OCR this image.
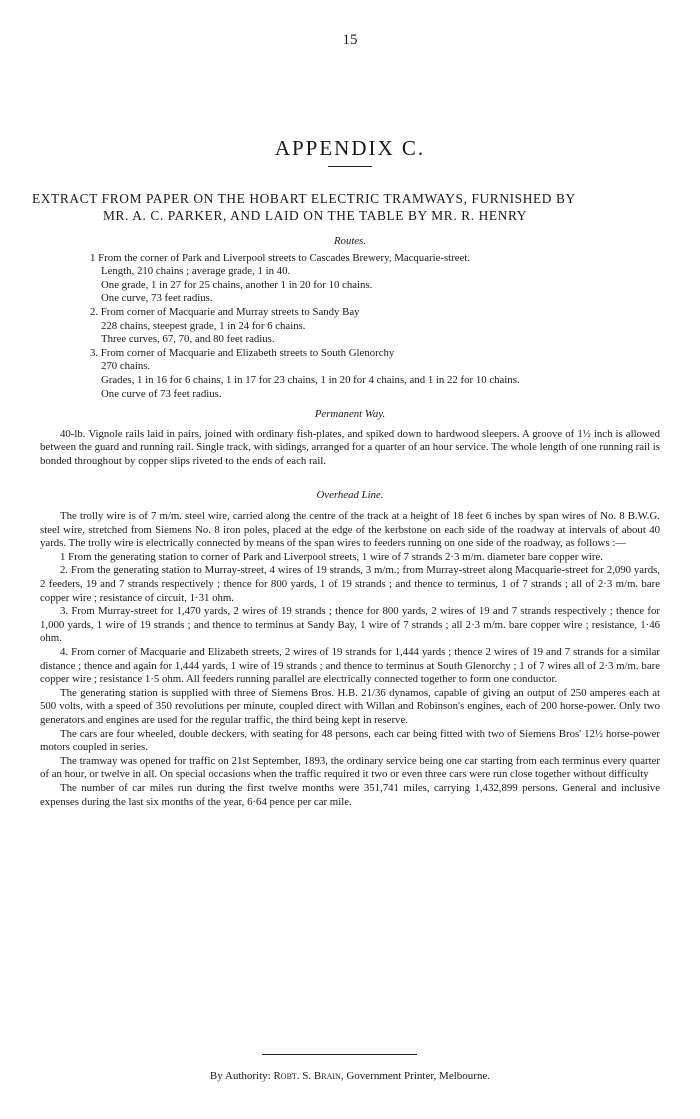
15
APPENDIX C.
EXTRACT FROM PAPER ON THE HOBART ELECTRIC TRAMWAYS, FURNISHED BY
MR. A. C. PARKER, AND LAID ON THE TABLE BY MR. R. HENRY
Routes.
1 From the corner of Park and Liverpool streets to Cascades Brewery, Macquarie-street.
Length, 210 chains ; average grade, 1 in 40.
One grade, 1 in 27 for 25 chains, another 1 in 20 for 10 chains.
One curve, 73 feet radius.
2. From corner of Macquarie and Murray streets to Sandy Bay
228 chains, steepest grade, 1 in 24 for 6 chains.
Three curves, 67, 70, and 80 feet radius.
3. From corner of Macquarie and Elizabeth streets to South Glenorchy
270 chains.
Grades, 1 in 16 for 6 chains, 1 in 17 for 23 chains, 1 in 20 for 4 chains, and 1 in 22 for 10 chains.
One curve of 73 feet radius.
Permanent Way.

40-lb. Vignole rails laid in pairs, joined with ordinary fish-plates, and spiked down to hardwood sleepers. A groove of 1½ inch is allowed between the guard and running rail. Single track, with sidings, arranged for a quarter of an hour service. The whole length of one running rail is bonded throughout by copper slips riveted to the ends of each rail.

Overhead Line.

The trolly wire is of 7 m/m. steel wire, carried along the centre of the track at a height of 18 feet 6 inches by span wires of No. 8 B.W.G. steel wire, stretched from Siemens No. 8 iron poles, placed at the edge of the kerbstone on each side of the roadway at intervals of about 40 yards. The trolly wire is electrically connected by means of the span wires to feeders running on one side of the roadway, as follows :—

1 From the generating station to corner of Park and Liverpool streets, 1 wire of 7 strands 2·3 m/m. diameter bare copper wire.

2. From the generating station to Murray-street, 4 wires of 19 strands, 3 m/m.; from Murray-street along Macquarie-street for 2,090 yards, 2 feeders, 19 and 7 strands respectively ; thence for 800 yards, 1 of 19 strands ; and thence to terminus, 1 of 7 strands ; all of 2·3 m/m. bare copper wire ; resistance of circuit, 1·31 ohm.

3. From Murray-street for 1,470 yards, 2 wires of 19 strands ; thence for 800 yards, 2 wires of 19 and 7 strands respectively ; thence for 1,000 yards, 1 wire of 19 strands ; and thence to terminus at Sandy Bay, 1 wire of 7 strands ; all 2·3 m/m. bare copper wire ; resistance, 1·46 ohm.

4. From corner of Macquarie and Elizabeth streets, 2 wires of 19 strands for 1,444 yards ; thence 2 wires of 19 and 7 strands for a similar distance ; thence and again for 1,444 yards, 1 wire of 19 strands ; and thence to terminus at South Glenorchy ; 1 of 7 wires all of 2·3 m/m. bare copper wire ; resistance 1·5 ohm. All feeders running parallel are electrically connected together to form one conductor.

The generating station is supplied with three of Siemens Bros. H.B. 21/36 dynamos, capable of giving an output of 250 amperes each at 500 volts, with a speed of 350 revolutions per minute, coupled direct with Willan and Robinson's engines, each of 200 horse-power. Only two generators and engines are used for the regular traffic, the third being kept in reserve.

The cars are four wheeled, double deckers, with seating for 48 persons, each car being fitted with two of Siemens Bros' 12½ horse-power motors coupled in series.

The tramway was opened for traffic on 21st September, 1893, the ordinary service being one car starting from each terminus every quarter of an hour, or twelve in all. On special occasions when the traffic required it two or even three cars were run close together without difficulty

The number of car miles run during the first twelve months were 351,741 miles, carrying 1,432,899 persons. General and inclusive expenses during the last six months of the year, 6·64 pence per car mile.

By Authority: Robt. S. Brain, Government Printer, Melbourne.
